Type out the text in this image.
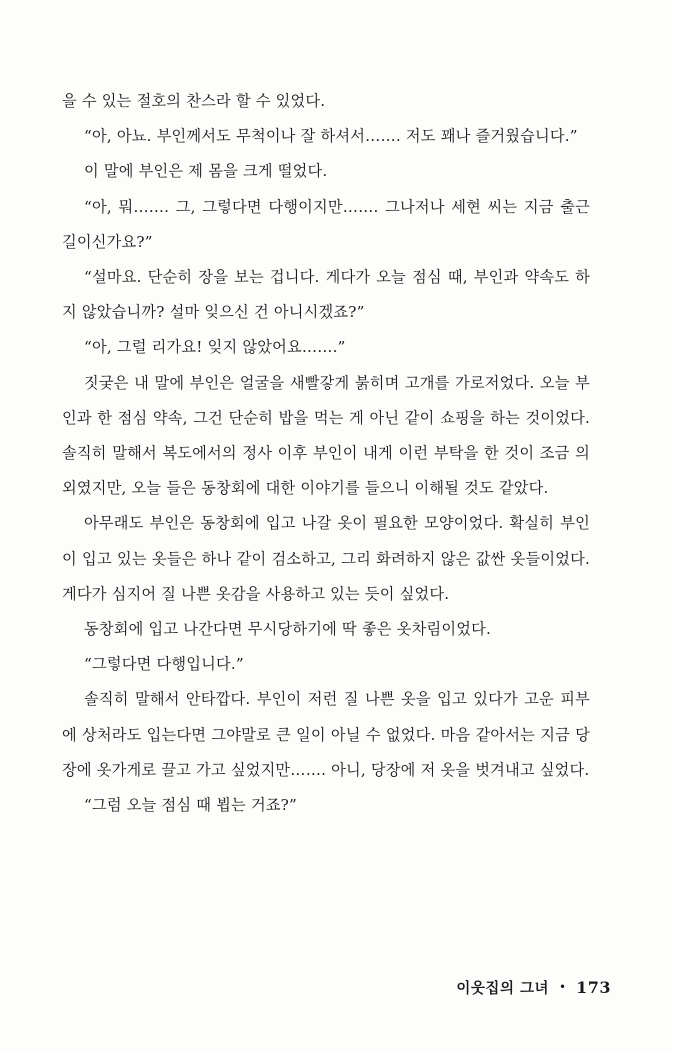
을 수 있는 절호의 찬스라 할 수 있었다.

“아, 아뇨. 부인께서도 무척이나 잘 하셔서……. 저도 꽤나 즐거웠습니다.”

이 말에 부인은 제 몸을 크게 떨었다.

“아, 뭐……. 그, 그렇다면 다행이지만……. 그나저나 세현 씨는 지금 출근길이신가요?”

“설마요. 단순히 장을 보는 겁니다. 게다가 오늘 점심 때, 부인과 약속도 하지 않았습니까? 설마 잊으신 건 아니시겠죠?”

“아, 그럴 리가요! 잊지 않았어요…….”

짓궂은 내 말에 부인은 얼굴을 새빨갛게 붉히며 고개를 가로저었다. 오늘 부인과 한 점심 약속, 그건 단순히 밥을 먹는 게 아닌 같이 쇼핑을 하는 것이었다. 솔직히 말해서 복도에서의 정사 이후 부인이 내게 이런 부탁을 한 것이 조금 의외였지만, 오늘 들은 동창회에 대한 이야기를 들으니 이해될 것도 같았다.

아무래도 부인은 동창회에 입고 나갈 옷이 필요한 모양이었다. 확실히 부인이 입고 있는 옷들은 하나 같이 검소하고, 그리 화려하지 않은 값싼 옷들이었다. 게다가 심지어 질 나쁜 옷감을 사용하고 있는 듯이 싶었다.

동창회에 입고 나간다면 무시당하기에 딱 좋은 옷차림이었다.

“그렇다면 다행입니다.”

솔직히 말해서 안타깝다. 부인이 저런 질 나쁜 옷을 입고 있다가 고운 피부에 상처라도 입는다면 그야말로 큰 일이 아닐 수 없었다. 마음 같아서는 지금 당장에 옷가게로 끌고 가고 싶었지만……. 아니, 당장에 저 옷을 벗겨내고 싶었다.

“그럼 오늘 점심 때 뵙는 거죠?”

이웃집의 그녀 • 173
